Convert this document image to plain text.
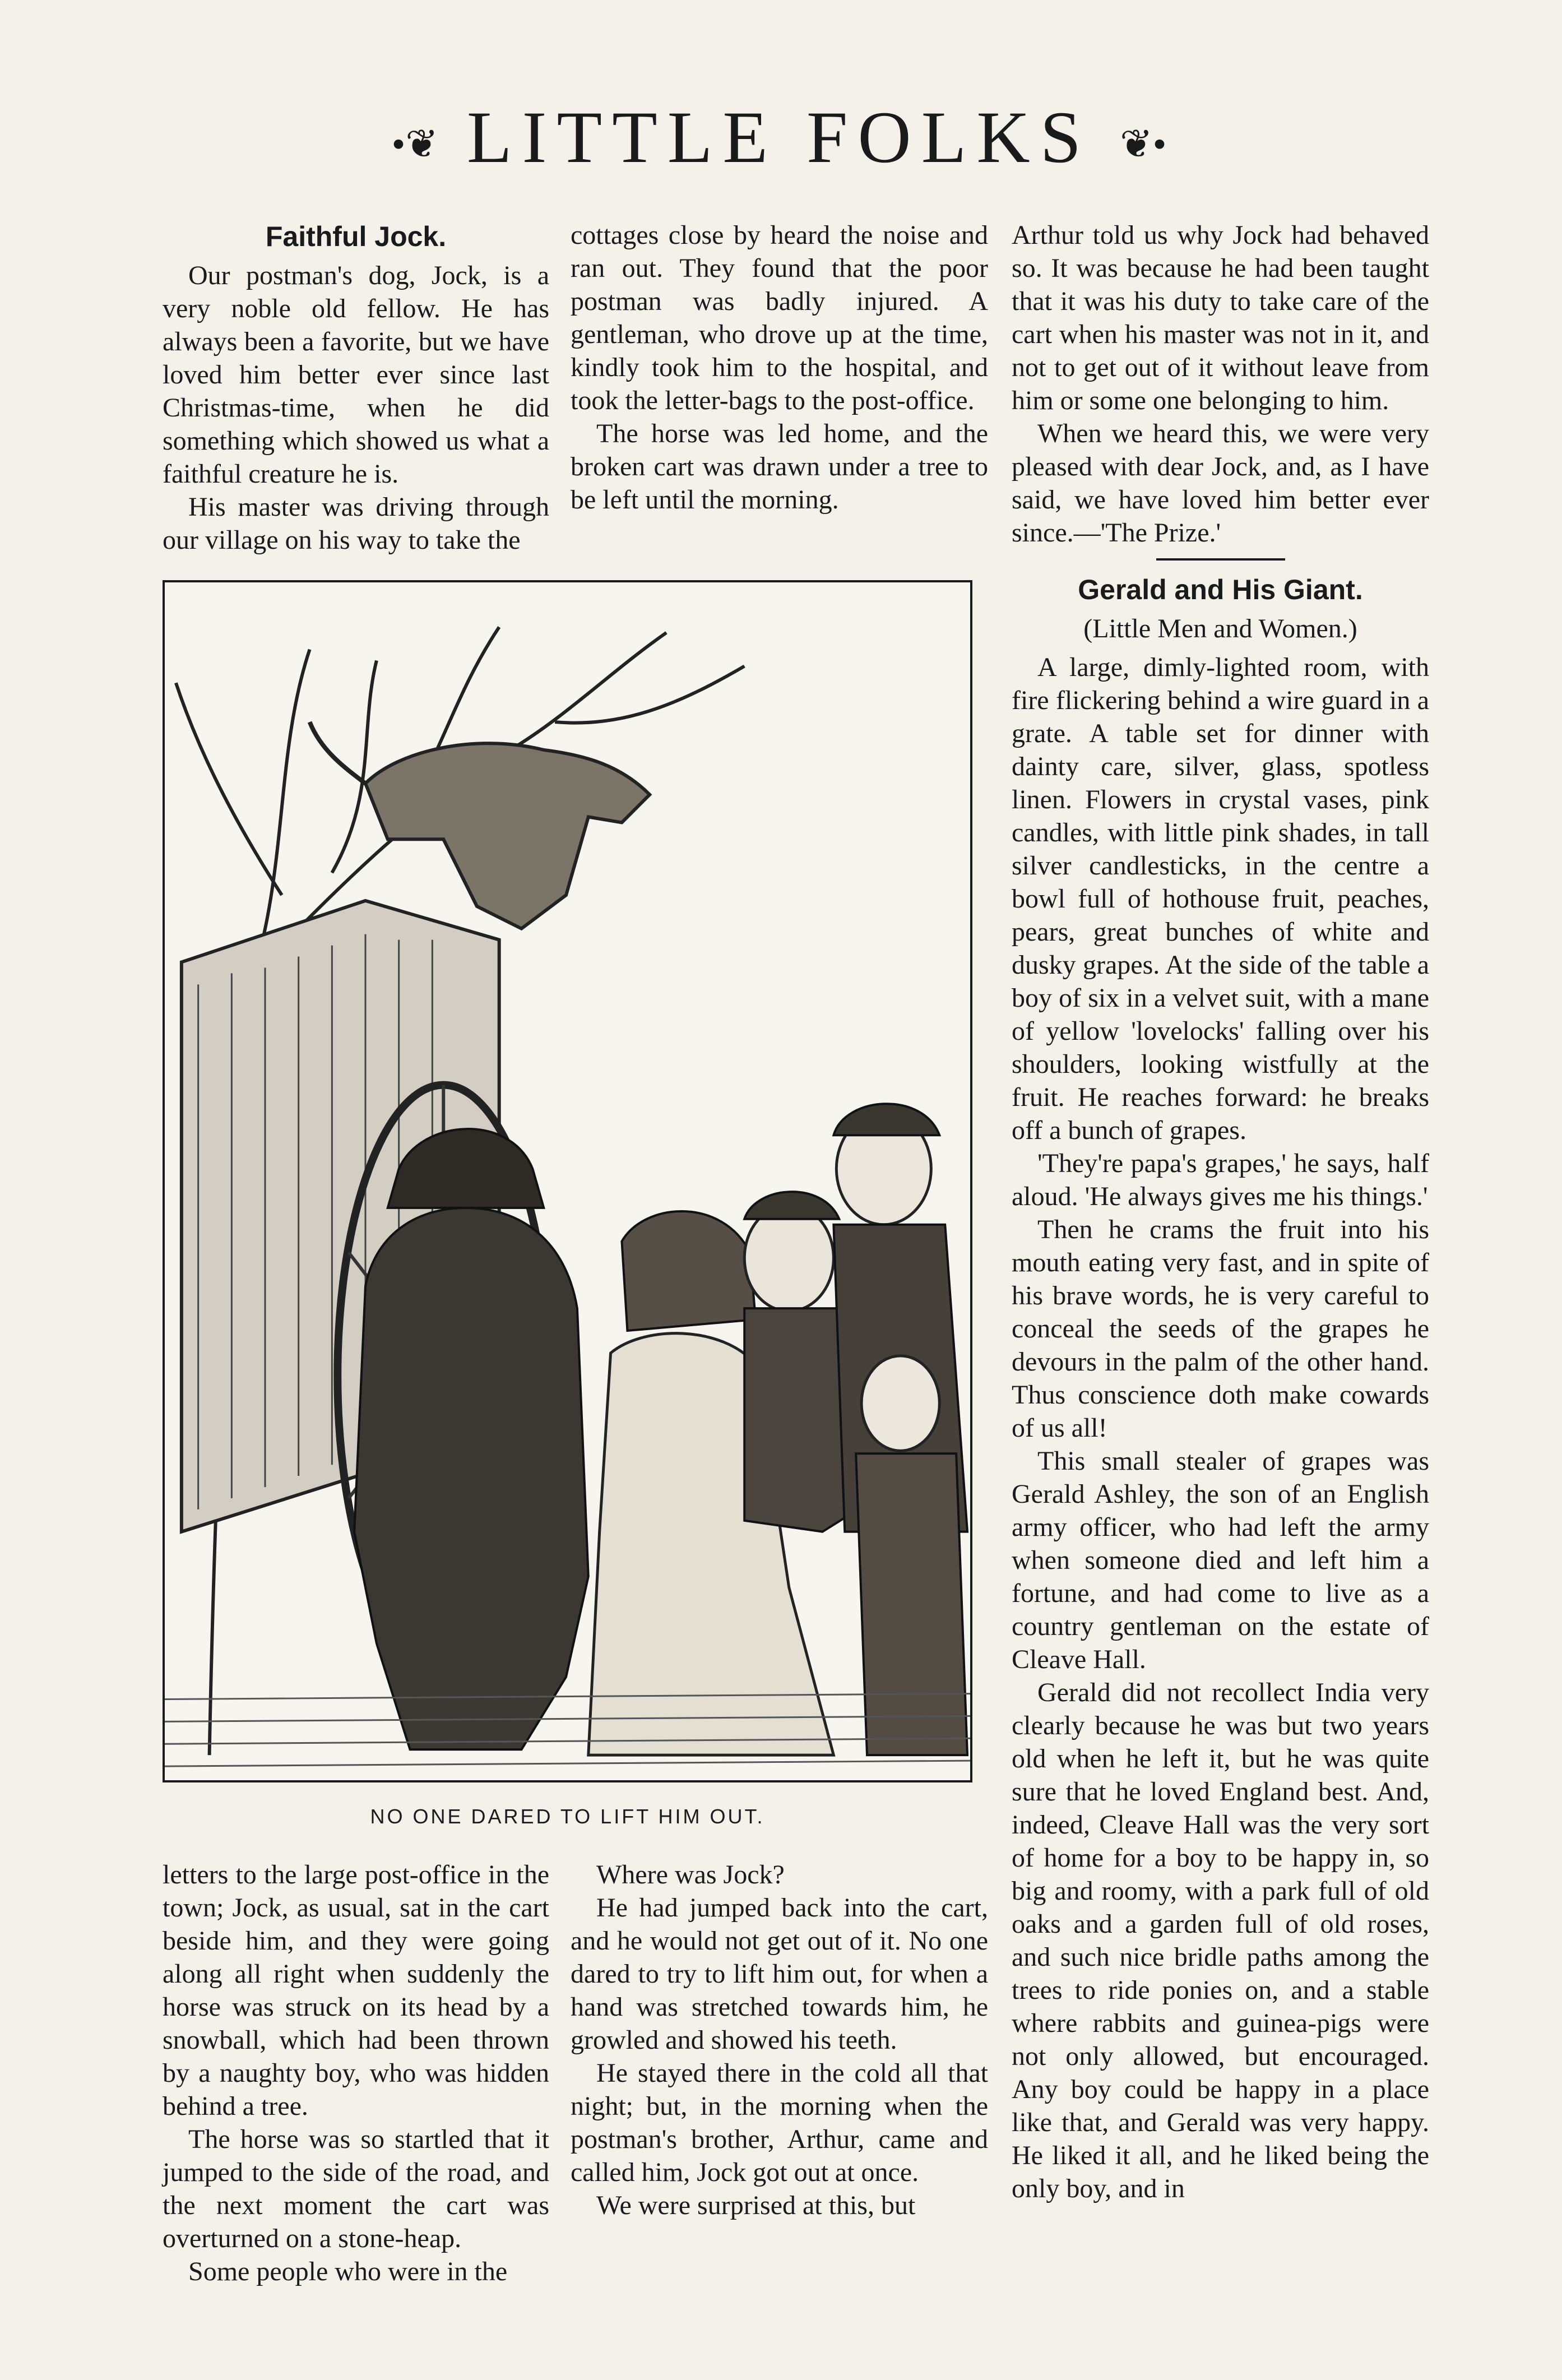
•❦ LITTLE FOLKS ❦•
Faithful Jock.

Our postman's dog, Jock, is a very noble old fellow. He has always been a favorite, but we have loved him better ever since last Christmas-time, when he did something which showed us what a faithful creature he is.

His master was driving through our village on his way to take the

cottages close by heard the noise and ran out. They found that the poor postman was badly injured. A gentleman, who drove up at the time, kindly took him to the hospital, and took the letter-bags to the post-office.

The horse was led home, and the broken cart was drawn under a tree to be left until the morning.

Arthur told us why Jock had behaved so. It was because he had been taught that it was his duty to take care of the cart when his master was not in it, and not to get out of it without leave from him or some one belonging to him.

When we heard this, we were very pleased with dear Jock, and, as I have said, we have loved him better ever since.—'The Prize.'

Gerald and His Giant.

(Little Men and Women.)

A large, dimly-lighted room, with fire flickering behind a wire guard in a grate. A table set for dinner with dainty care, silver, glass, spotless linen. Flowers in crystal vases, pink candles, with little pink shades, in tall silver candlesticks, in the centre a bowl full of hothouse fruit, peaches, pears, great bunches of white and dusky grapes. At the side of the table a boy of six in a velvet suit, with a mane of yellow 'lovelocks' falling over his shoulders, looking wistfully at the fruit. He reaches forward: he breaks off a bunch of grapes.

'They're papa's grapes,' he says, half aloud. 'He always gives me his things.'

Then he crams the fruit into his mouth eating very fast, and in spite of his brave words, he is very careful to conceal the seeds of the grapes he devours in the palm of the other hand. Thus conscience doth make cowards of us all!

This small stealer of grapes was Gerald Ashley, the son of an English army officer, who had left the army when someone died and left him a fortune, and had come to live as a country gentleman on the estate of Cleave Hall.

Gerald did not recollect India very clearly because he was but two years old when he left it, but he was quite sure that he loved England best. And, indeed, Cleave Hall was the very sort of home for a boy to be happy in, so big and roomy, with a park full of old oaks and a garden full of old roses, and such nice bridle paths among the trees to ride ponies on, and a stable where rabbits and guinea-pigs were not only allowed, but encouraged. Any boy could be happy in a place like that, and Gerald was very happy. He liked it all, and he liked being the only boy, and in

NO ONE DARED TO LIFT HIM OUT.

letters to the large post-office in the town; Jock, as usual, sat in the cart beside him, and they were going along all right when suddenly the horse was struck on its head by a snowball, which had been thrown by a naughty boy, who was hidden behind a tree.

The horse was so startled that it jumped to the side of the road, and the next moment the cart was overturned on a stone-heap.

Some people who were in the

Where was Jock?

He had jumped back into the cart, and he would not get out of it. No one dared to try to lift him out, for when a hand was stretched towards him, he growled and showed his teeth.

He stayed there in the cold all that night; but, in the morning when the postman's brother, Arthur, came and called him, Jock got out at once.

We were surprised at this, but
